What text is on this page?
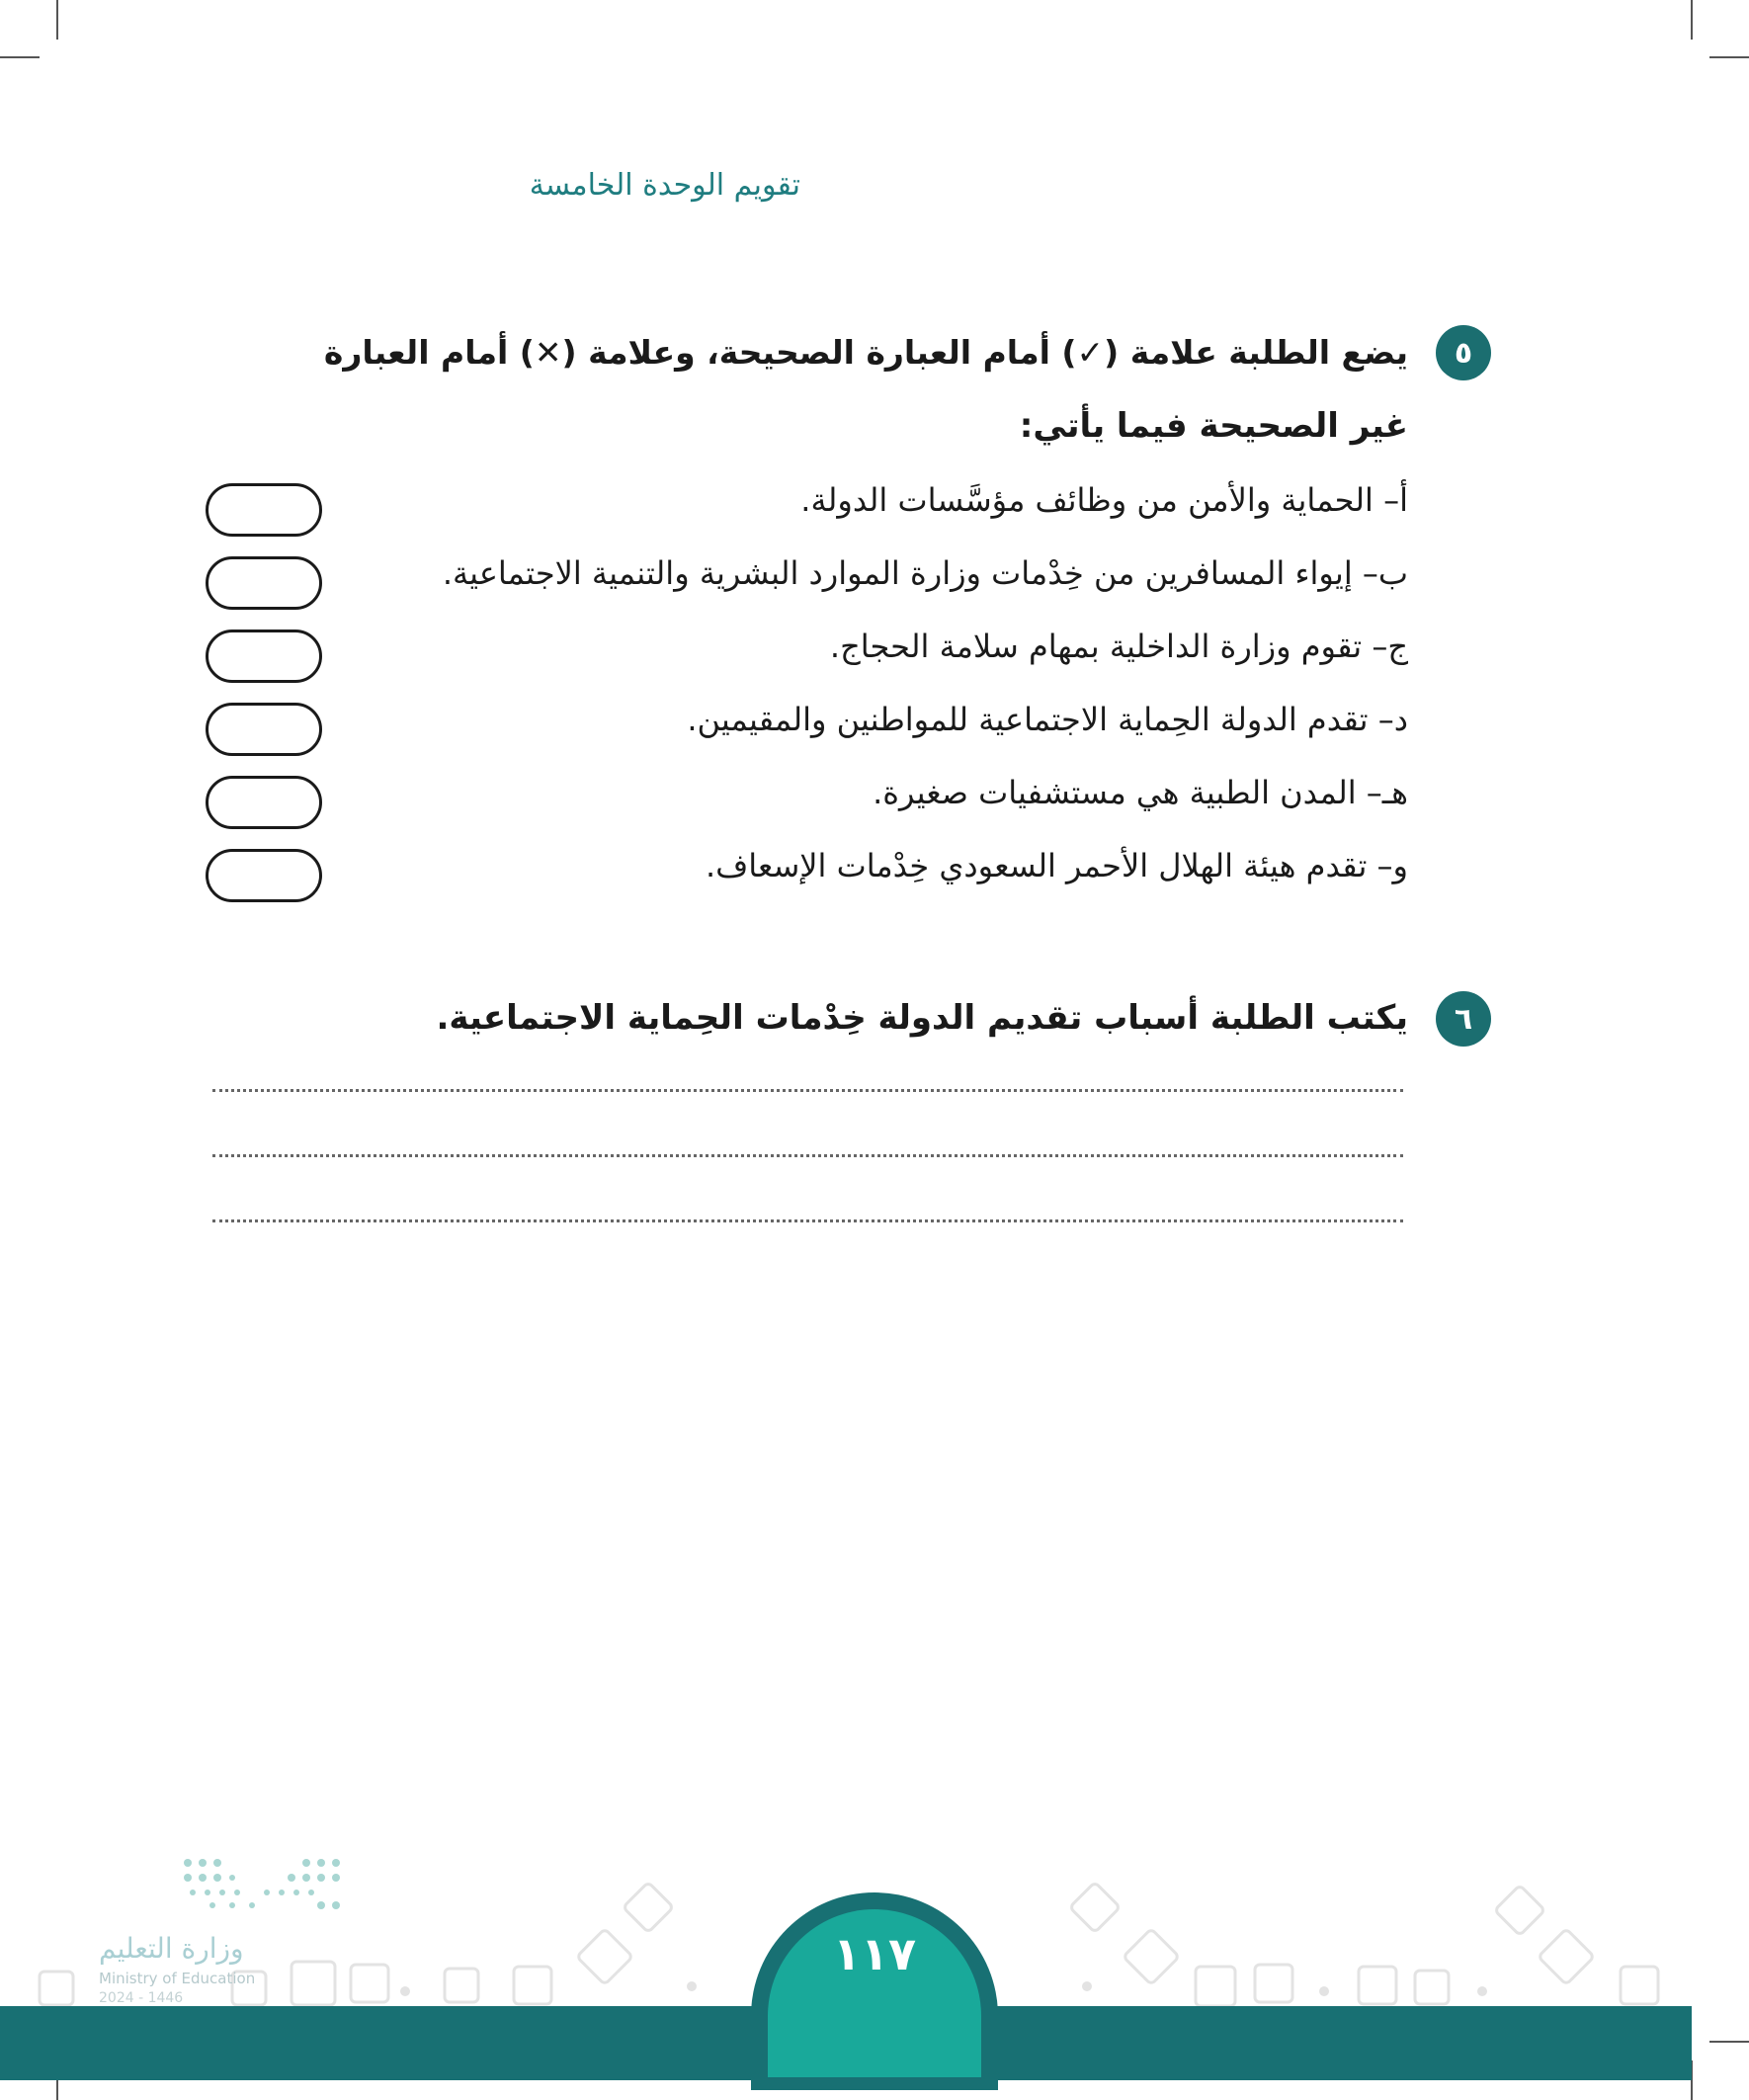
تقويم الوحدة الخامسة
٥
يضع الطلبة علامة (✓) أمام العبارة الصحيحة، وعلامة (✕) أمام العبارة
غير الصحيحة فيما يأتي:
أ– الحماية والأمن من وظائف مؤسَّسات الدولة.
ب– إيواء المسافرين من خِدْمات وزارة الموارد البشرية والتنمية الاجتماعية.
ج– تقوم وزارة الداخلية بمهام سلامة الحجاج.
د– تقدم الدولة الحِماية الاجتماعية للمواطنين والمقيمين.
هـ– المدن الطبية هي مستشفيات صغيرة.
و– تقدم هيئة الهلال الأحمر السعودي خِدْمات الإسعاف.
٦
يكتب الطلبة أسباب تقديم الدولة خِدْمات الحِماية الاجتماعية.
وزارة التعليم
Ministry of Education
2024 - 1446
١١٧
